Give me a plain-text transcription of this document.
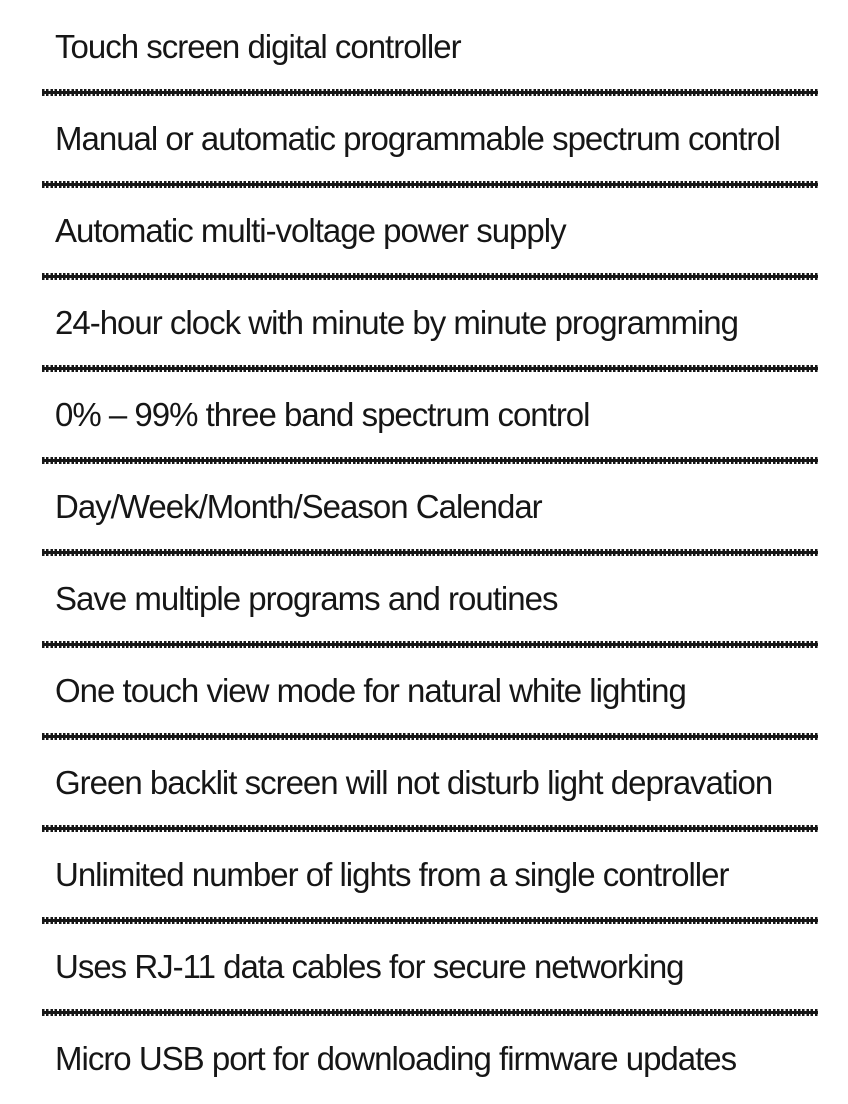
Touch screen digital controller
Manual or automatic programmable spectrum control
Automatic multi-voltage power supply
24-hour clock with minute by minute programming
0% – 99% three band spectrum control
Day/Week/Month/Season Calendar
Save multiple programs and routines
One touch view mode for natural white lighting
Green backlit screen will not disturb light depravation
Unlimited number of lights from a single controller
Uses RJ-11 data cables for secure networking
Micro USB port for downloading firmware updates
